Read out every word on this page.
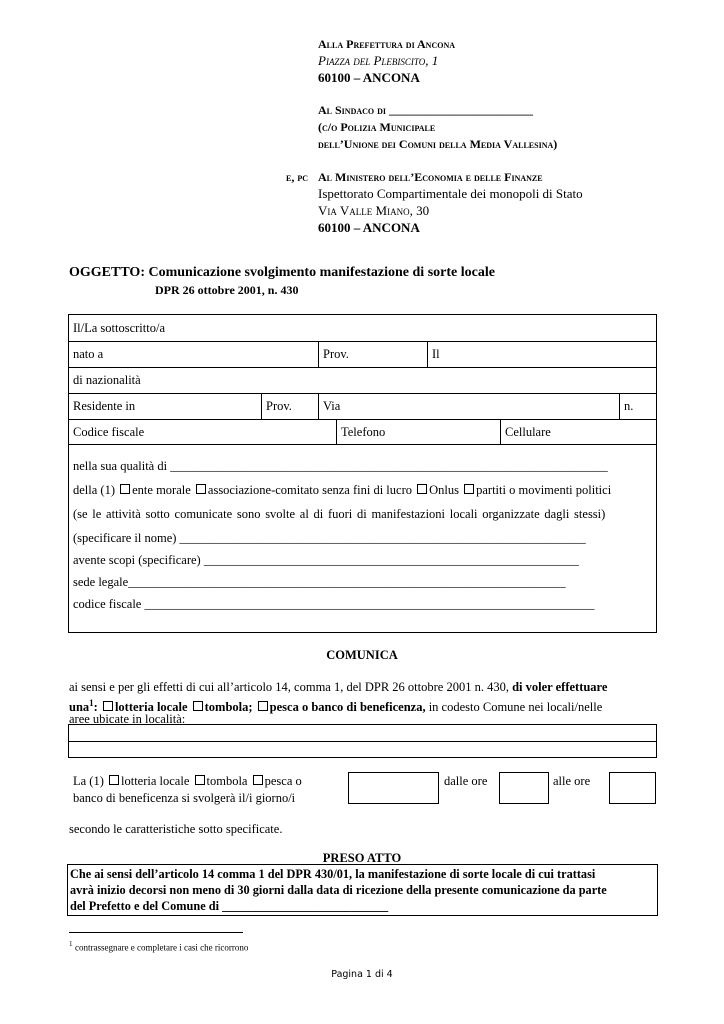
Alla Prefettura di Ancona
Piazza del Plebiscito, 1
60100 – ANCONA
Al Sindaco di ________________________
(c/o Polizia Municipale
dell’Unione dei Comuni della Media Vallesina)
e, pc Al Ministero dell’Economia e delle Finanze
Ispettorato Compartimentale dei monopoli di Stato
Via Valle Miano, 30
60100 – ANCONA
OGGETTO: Comunicazione svolgimento manifestazione di sorte locale
DPR 26 ottobre 2001, n. 430
Il/La sottoscritto/a
nato a	Prov.	Il
di nazionalità
Residente in	Prov.	Via	n.
Codice fiscale	Telefono	Cellulare
nella sua qualità di ______________________________________________________________________
della (1) ente morale associazione-comitato senza fini di lucro Onlus partiti o movimenti politici
(se le attività sotto comunicate sono svolte al di fuori di manifestazioni locali organizzate dagli stessi)
(specificare il nome) _________________________________________________________________
avente scopi (specificare) ____________________________________________________________
sede legale______________________________________________________________________
codice fiscale ________________________________________________________________________
COMUNICA
ai sensi e per gli effetti di cui all’articolo 14, comma 1, del DPR 26 ottobre 2001 n. 430, di voler effettuare
una$^1$: lotteria locale tombola; pesca o banco di beneficenza, in codesto Comune nei locali/nelle
aree ubicate in località:
La (1) lotteria locale tombola pesca o
banco di beneficenza si svolgerà il/i giorno/i
dalle ore	alle ore
secondo le caratteristiche sotto specificate.
PRESO ATTO
Che ai sensi dell’articolo 14 comma 1 del DPR 430/01, la manifestazione di sorte locale di cui trattasi
avrà inizio decorsi non meno di 30 giorni dalla data di ricezione della presente comunicazione da parte
del Prefetto e del Comune di ___________________________
$^1$ contrassegnare e completare i casi che ricorrono
Pagina 1 di 4
